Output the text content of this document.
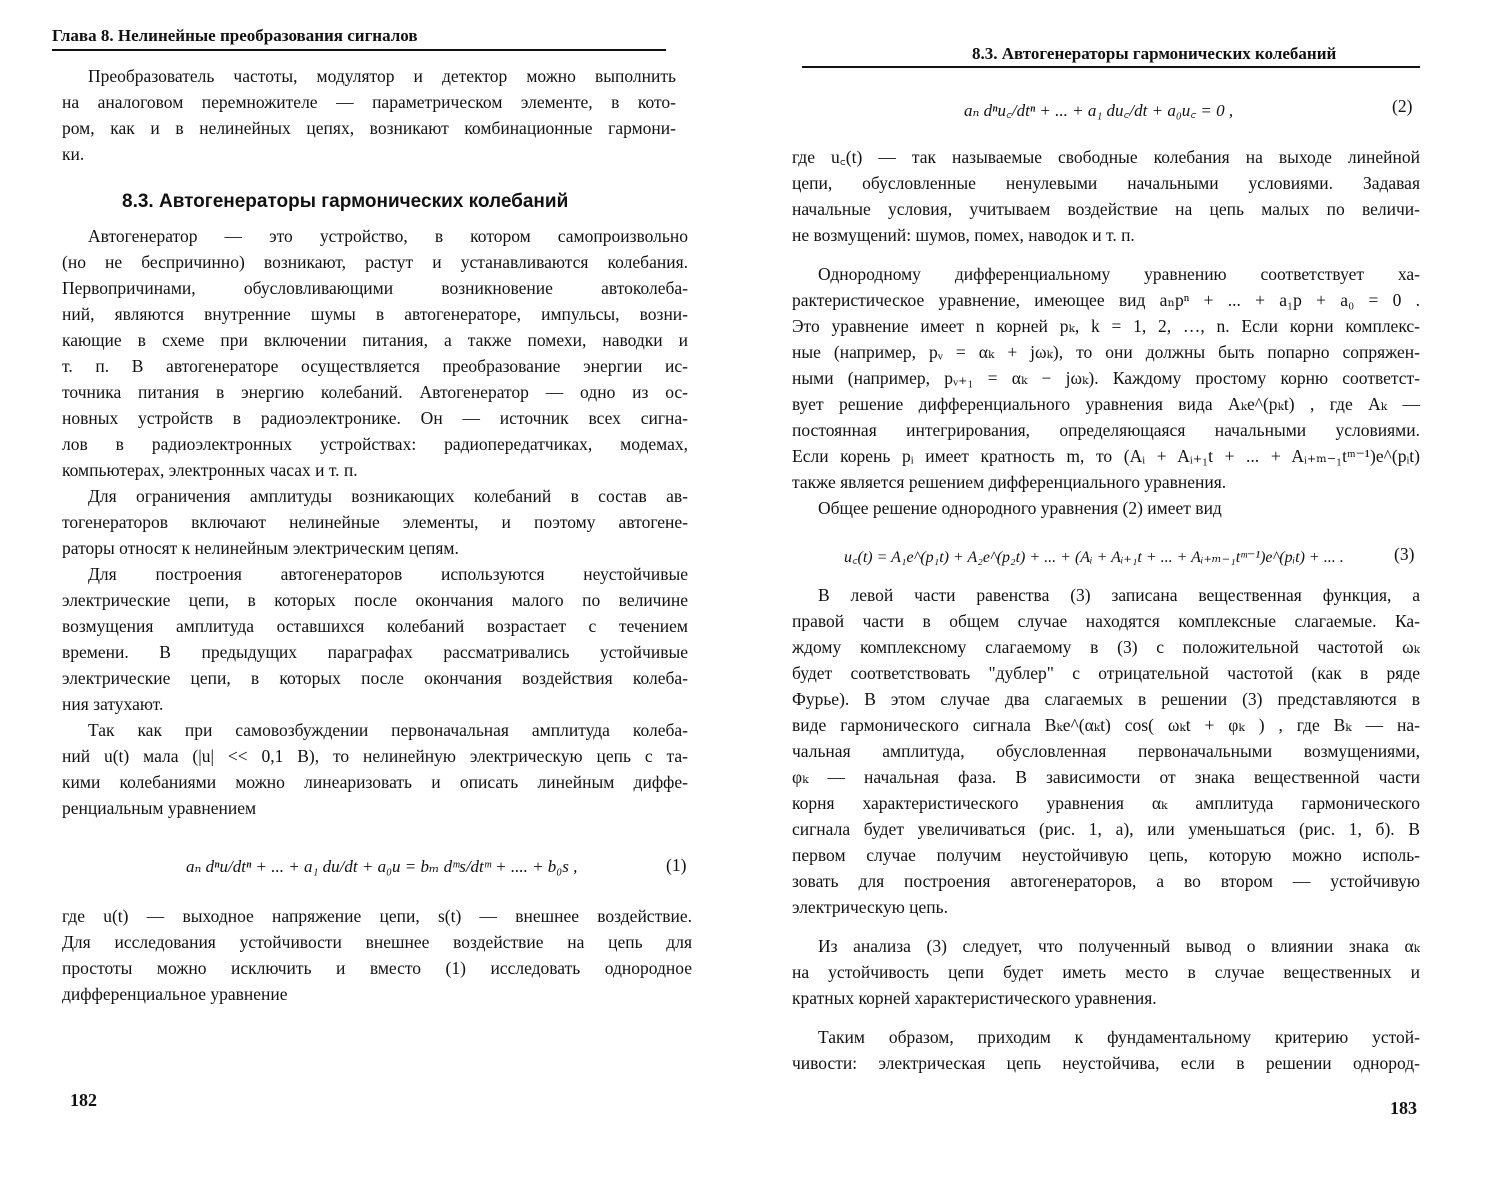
Глава 8. Нелинейные преобразования сигналов
Преобразователь частоты, модулятор и детектор можно выполнить
на аналоговом перемножителе — параметрическом элементе, в кото-
ром, как и в нелинейных цепях, возникают комбинационные гармони-
ки.
8.3. Автогенераторы гармонических колебаний
Автогенератор — это устройство, в котором самопроизвольно
(но не беспричинно) возникают, растут и устанавливаются колебания.
Первопричинами, обусловливающими возникновение автоколеба-
ний, являются внутренние шумы в автогенераторе, импульсы, возни-
кающие в схеме при включении питания, а также помехи, наводки и
т. п. В автогенераторе осуществляется преобразование энергии ис-
точника питания в энергию колебаний. Автогенератор — одно из ос-
новных устройств в радиоэлектронике. Он — источник всех сигна-
лов в радиоэлектронных устройствах: радиопередатчиках, модемах,
компьютерах, электронных часах и т. п.
Для ограничения амплитуды возникающих колебаний в состав ав-
тогенераторов включают нелинейные элементы, и поэтому автогене-
раторы относят к нелинейным электрическим цепям.
Для построения автогенераторов используются неустойчивые
электрические цепи, в которых после окончания малого по величине
возмущения амплитуда оставшихся колебаний возрастает с течением
времени. В предыдущих параграфах рассматривались устойчивые
электрические цепи, в которых после окончания воздействия колеба-
ния затухают.
Так как при самовозбуждении первоначальная амплитуда колеба-
ний u(t) мала (|u| << 0,1 В), то нелинейную электрическую цепь с та-
кими колебаниями можно линеаризовать и описать линейным диффе-
ренциальным уравнением
aₙ dⁿu/dtⁿ + ... + a₁ du/dt + a₀u = bₘ dᵐs/dtᵐ + .... + b₀s ,	(1)
где u(t) — выходное напряжение цепи, s(t) — внешнее воздействие.
Для исследования устойчивости внешнее воздействие на цепь для
простоты можно исключить и вместо (1) исследовать однородное
дифференциальное уравнение
182
8.3. Автогенераторы гармонических колебаний
aₙ dⁿu꜀/dtⁿ + ... + a₁ du꜀/dt + a₀u꜀ = 0 ,	(2)
где u꜀(t) — так называемые свободные колебания на выходе линейной
цепи, обусловленные ненулевыми начальными условиями. Задавая
начальные условия, учитываем воздействие на цепь малых по величи-
не возмущений: шумов, помех, наводок и т. п.
Однородному дифференциальному уравнению соответствует ха-
рактеристическое уравнение, имеющее вид aₙpⁿ + ... + a₁p + a₀ = 0 .
Это уравнение имеет n корней pₖ, k = 1, 2, …, n. Если корни комплекс-
ные (например, pᵥ = αₖ + jωₖ), то они должны быть попарно сопряжен-
ными (например, pᵥ₊₁ = αₖ − jωₖ). Каждому простому корню соответст-
вует решение дифференциального уравнения вида Aₖe^(pₖt) , где Aₖ —
постоянная интегрирования, определяющаяся начальными условиями.
Если корень pᵢ имеет кратность m, то (Aᵢ + Aᵢ₊₁t + ... + Aᵢ₊ₘ₋₁tᵐ⁻¹)e^(pᵢt)
также является решением дифференциального уравнения.
Общее решение однородного уравнения (2) имеет вид
u꜀(t) = A₁e^(p₁t) + A₂e^(p₂t) + ... + (Aᵢ + Aᵢ₊₁t + ... + Aᵢ₊ₘ₋₁tᵐ⁻¹)e^(pᵢt) + ... .	(3)
В левой части равенства (3) записана вещественная функция, а
правой части в общем случае находятся комплексные слагаемые. Ка-
ждому комплексному слагаемому в (3) с положительной частотой ωₖ
будет соответствовать "дублер" с отрицательной частотой (как в ряде
Фурье). В этом случае два слагаемых в решении (3) представляются в
виде гармонического сигнала Bₖe^(αₖt) cos( ωₖt + φₖ ) , где Bₖ — на-
чальная амплитуда, обусловленная первоначальными возмущениями,
φₖ — начальная фаза. В зависимости от знака вещественной части
корня характеристического уравнения αₖ амплитуда гармонического
сигнала будет увеличиваться (рис. 1, а), или уменьшаться (рис. 1, б). В
первом случае получим неустойчивую цепь, которую можно исполь-
зовать для построения автогенераторов, а во втором — устойчивую
электрическую цепь.
Из анализа (3) следует, что полученный вывод о влиянии знака αₖ
на устойчивость цепи будет иметь место в случае вещественных и
кратных корней характеристического уравнения.
Таким образом, приходим к фундаментальному критерию устой-
чивости: электрическая цепь неустойчива, если в решении однород-
183
